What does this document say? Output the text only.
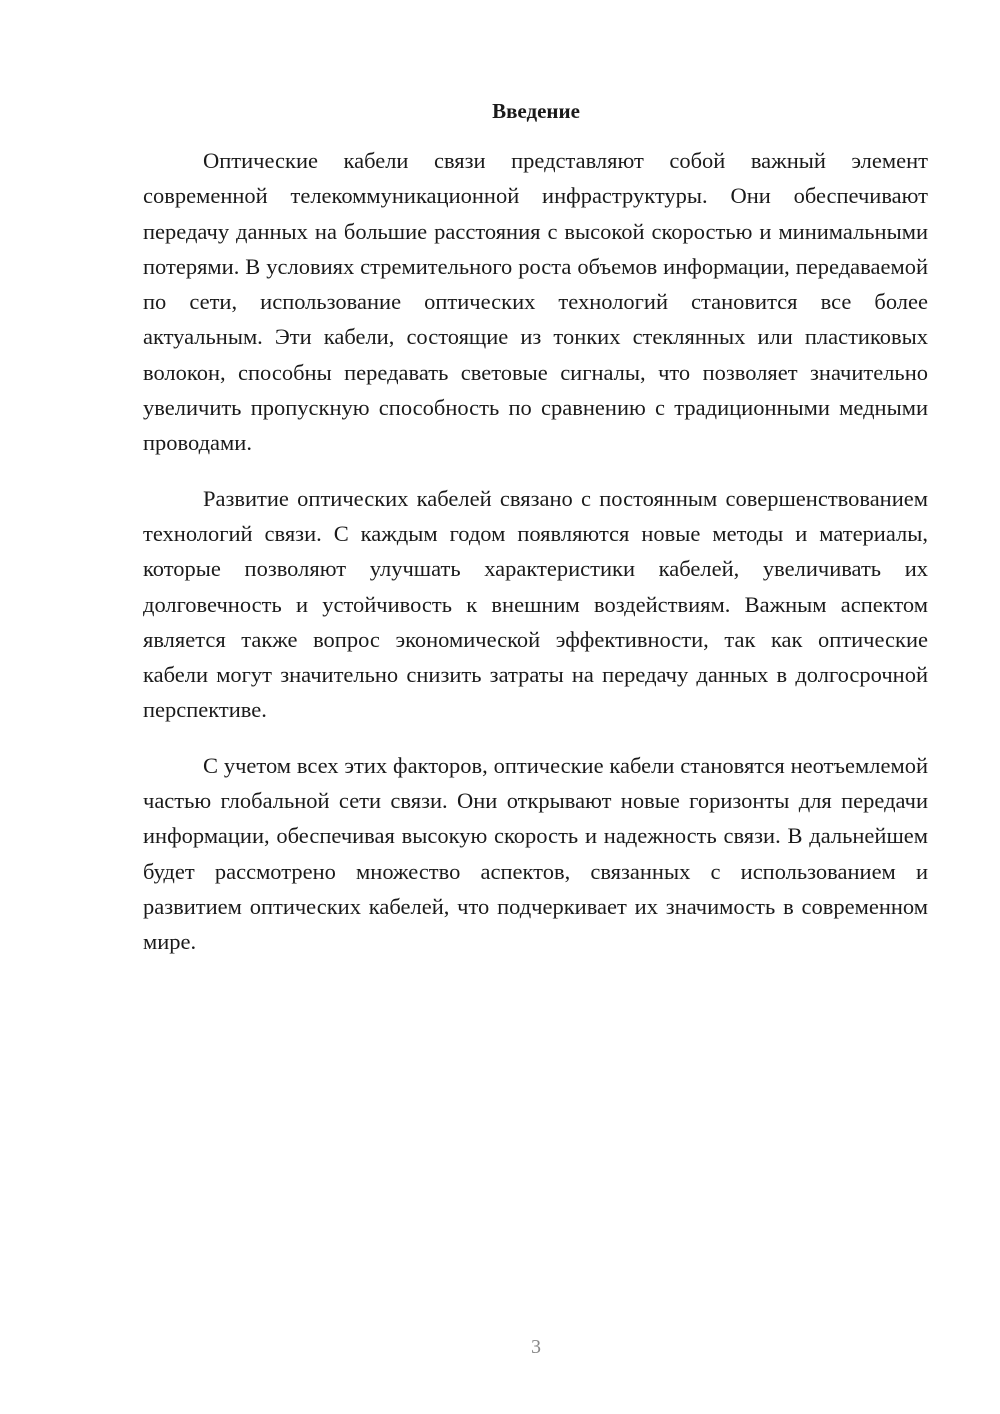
Введение

Оптические кабели связи представляют собой важный элемент современной телекоммуникационной инфраструктуры. Они обеспечивают передачу данных на большие расстояния с высокой скоростью и минимальными потерями. В условиях стремительного роста объемов информации, передаваемой по сети, использование оптических технологий становится все более актуальным. Эти кабели, состоящие из тонких стеклянных или пластиковых волокон, способны передавать световые сигналы, что позволяет значительно увеличить пропускную способность по сравнению с традиционными медными проводами.

Развитие оптических кабелей связано с постоянным совершенствованием технологий связи. С каждым годом появляются новые методы и материалы, которые позволяют улучшать характеристики кабелей, увеличивать их долговечность и устойчивость к внешним воздействиям. Важным аспектом является также вопрос экономической эффективности, так как оптические кабели могут значительно снизить затраты на передачу данных в долгосрочной перспективе.

С учетом всех этих факторов, оптические кабели становятся неотъемлемой частью глобальной сети связи. Они открывают новые горизонты для передачи информации, обеспечивая высокую скорость и надежность связи. В дальнейшем будет рассмотрено множество аспектов, связанных с использованием и развитием оптических кабелей, что подчеркивает их значимость в современном мире.

3
